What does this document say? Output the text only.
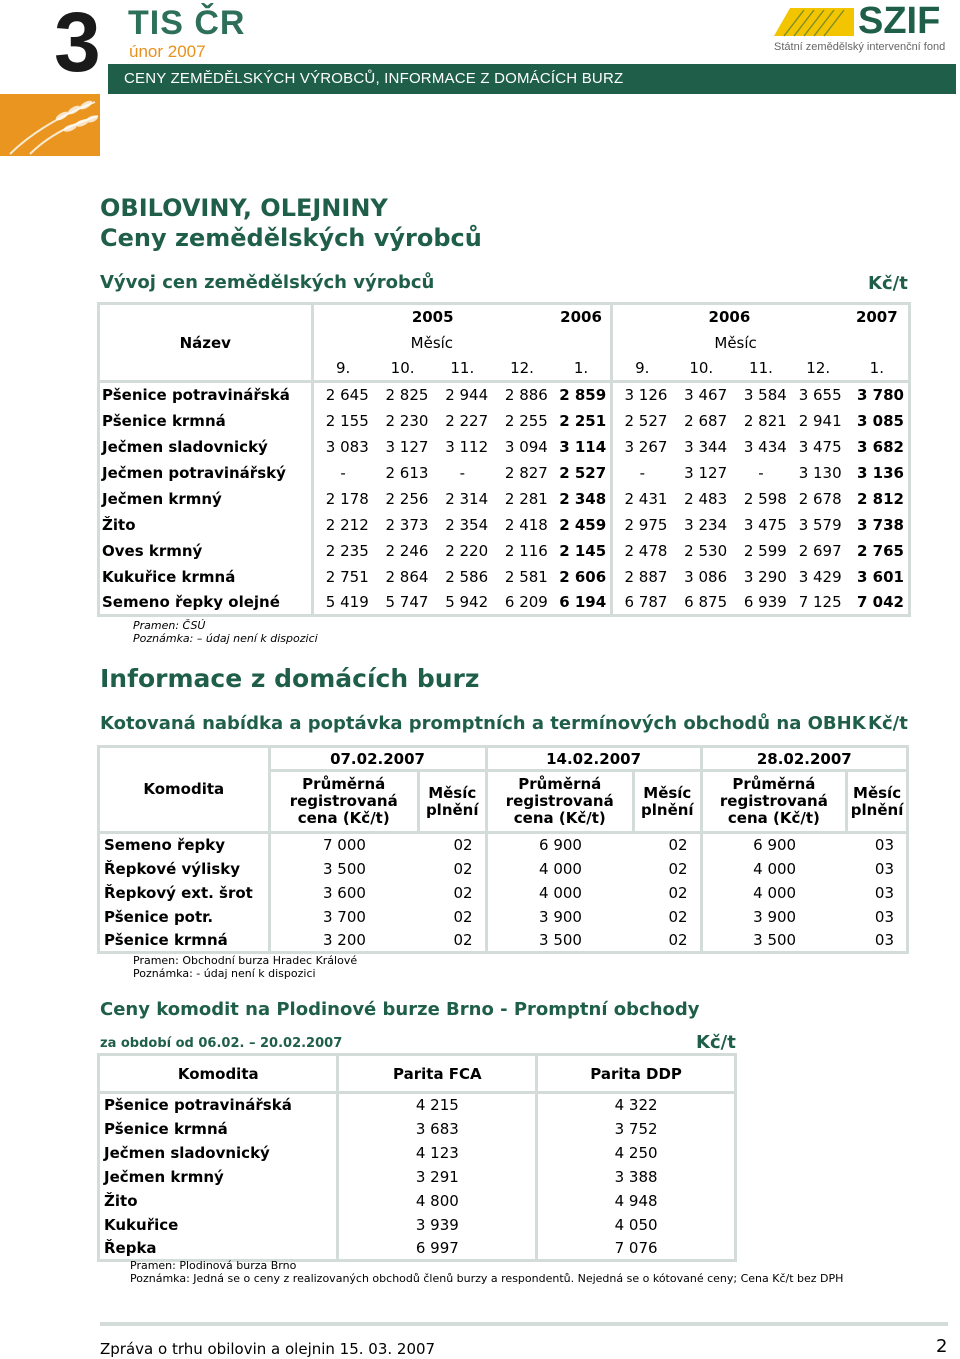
3 TIS ČR
únor 2007
CENY ZEMĚDĚLSKÝCH VÝROBCŮ, INFORMACE Z DOMÁCÍCH BURZ
SZIF
Státní zemědělský intervenční fond
OBILOVINY, OLEJNINY
Ceny zemědělských výrobců
Vývoj cen zemědělských výrobců	Kč/t
Název	2005				2006	2006				2007
	Měsíc					Měsíc				
	9.	10.	11.	12.	1.	9.	10.	11.	12.	1.
Pšenice potravinářská	2 645	2 825	2 944	2 886	2 859	3 126	3 467	3 584	3 655	3 780
Pšenice krmná	2 155	2 230	2 227	2 255	2 251	2 527	2 687	2 821	2 941	3 085
Ječmen sladovnický	3 083	3 127	3 112	3 094	3 114	3 267	3 344	3 434	3 475	3 682
Ječmen potravinářský	-	2 613	-	2 827	2 527	-	3 127	-	3 130	3 136
Ječmen krmný	2 178	2 256	2 314	2 281	2 348	2 431	2 483	2 598	2 678	2 812
Žito	2 212	2 373	2 354	2 418	2 459	2 975	3 234	3 475	3 579	3 738
Oves krmný	2 235	2 246	2 220	2 116	2 145	2 478	2 530	2 599	2 697	2 765
Kukuřice krmná	2 751	2 864	2 586	2 581	2 606	2 887	3 086	3 290	3 429	3 601
Semeno řepky olejné	5 419	5 747	5 942	6 209	6 194	6 787	6 875	6 939	7 125	7 042
Pramen: ČSÚ
Poznámka: – údaj není k dispozici
Informace z domácích burz
Kotovaná nabídka a poptávka promptních a termínových obchodů na OBHK Kč/t
Komodita	07.02.2007		14.02.2007		28.02.2007	
	Průměrná registrovaná cena (Kč/t)	Měsíc plnění	Průměrná registrovaná cena (Kč/t)	Měsíc plnění	Průměrná registrovaná cena (Kč/t)	Měsíc plnění
Semeno řepky	7 000	02	6 900	02	6 900	03
Řepkové výlisky	3 500	02	4 000	02	4 000	03
Řepkový ext. šrot	3 600	02	4 000	02	4 000	03
Pšenice potr.	3 700	02	3 900	02	3 900	03
Pšenice krmná	3 200	02	3 500	02	3 500	03
Pramen: Obchodní burza Hradec Králové
Poznámka: - údaj není k dispozici
Ceny komodit na Plodinové burze Brno - Promptní obchody
za období od 06.02. – 20.02.2007	Kč/t
Komodita	Parita FCA	Parita DDP
Pšenice potravinářská	4 215	4 322
Pšenice krmná	3 683	3 752
Ječmen sladovnický	4 123	4 250
Ječmen krmný	3 291	3 388
Žito	4 800	4 948
Kukuřice	3 939	4 050
Řepka	6 997	7 076
Pramen: Plodinová burza Brno
Poznámka: Jedná se o ceny z realizovaných obchodů členů burzy a respondentů. Nejedná se o kótované ceny; Cena Kč/t bez DPH
Zpráva o trhu obilovin a olejnin 15. 03. 2007	2
